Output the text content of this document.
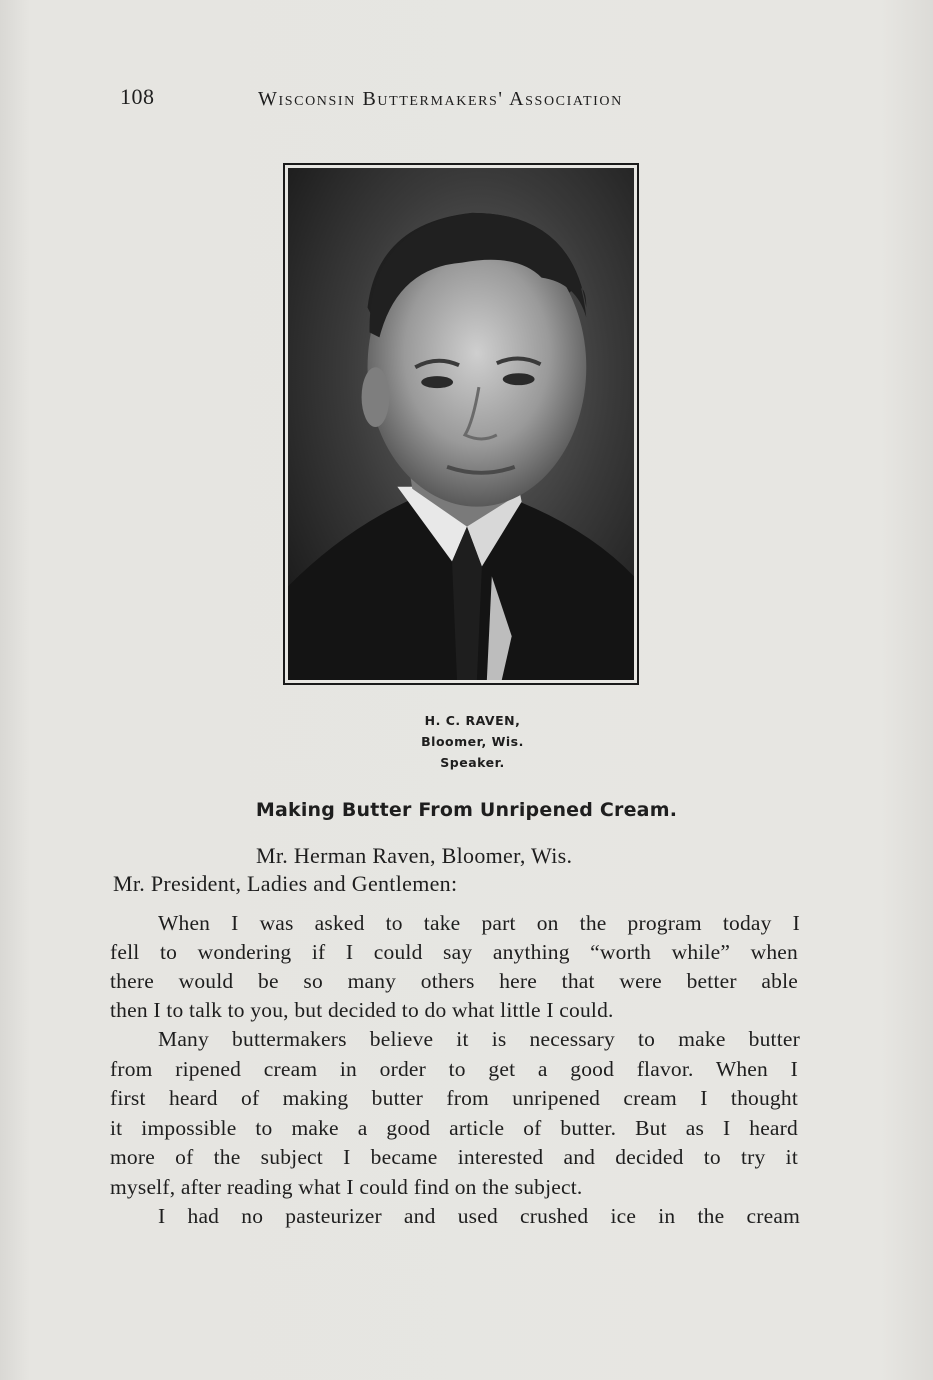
108	Wisconsin Buttermakers' Association
H. C. RAVEN,
Bloomer, Wis.
Speaker.
Making Butter From Unripened Cream.
Mr. Herman Raven, Bloomer, Wis.
Mr. President, Ladies and Gentlemen:
When I was asked to take part on the program today I
fell to wondering if I could say anything “worth while” when
there would be so many others here that were better able
then I to talk to you, but decided to do what little I could.
Many buttermakers believe it is necessary to make butter
from ripened cream in order to get a good flavor. When I
first heard of making butter from unripened cream I thought
it impossible to make a good article of butter. But as I heard
more of the subject I became interested and decided to try it
myself, after reading what I could find on the subject.
I had no pasteurizer and used crushed ice in the cream
